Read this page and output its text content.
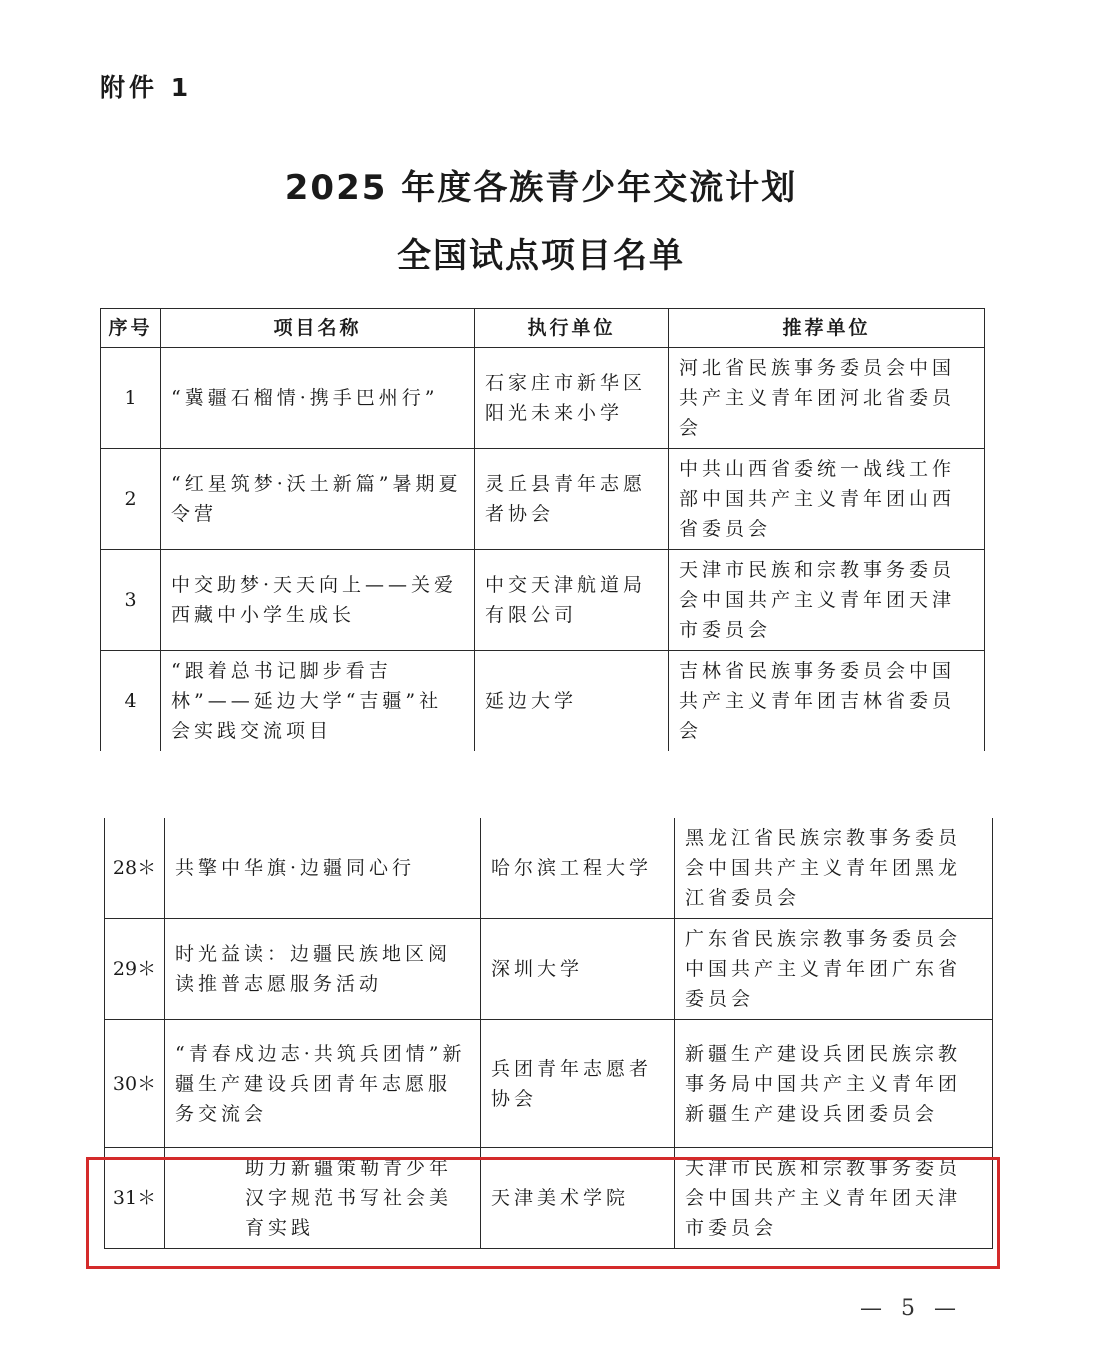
附件 1
2025 年度各族青少年交流计划
全国试点项目名单
序号	项目名称	执行单位	推荐单位
1	“冀疆石榴情·携手巴州行”	石家庄市新华区阳光未来小学	河北省民族事务委员会中国共产主义青年团河北省委员会
2	“红星筑梦·沃土新篇”暑期夏令营	灵丘县青年志愿者协会	中共山西省委统一战线工作部中国共产主义青年团山西省委员会
3	中交助梦·天天向上——关爱西藏中小学生成长	中交天津航道局有限公司	天津市民族和宗教事务委员会中国共产主义青年团天津市委员会
4	“跟着总书记脚步看吉林”——延边大学“吉疆”社会实践交流项目	延边大学	吉林省民族事务委员会中国共产主义青年团吉林省委员会
28＊	共擎中华旗·边疆同心行	哈尔滨工程大学	黑龙江省民族宗教事务委员会中国共产主义青年团黑龙江省委员会
29＊	时光益读：边疆民族地区阅读推普志愿服务活动	深圳大学	广东省民族宗教事务委员会中国共产主义青年团广东省委员会
30＊	“青春戍边志·共筑兵团情”新疆生产建设兵团青年志愿服务交流会	兵团青年志愿者协会	新疆生产建设兵团民族宗教事务局中国共产主义青年团新疆生产建设兵团委员会
31＊	助力新疆策勒青少年汉字规范书写社会美育实践	天津美术学院	天津市民族和宗教事务委员会中国共产主义青年团天津市委员会
— 5 —
